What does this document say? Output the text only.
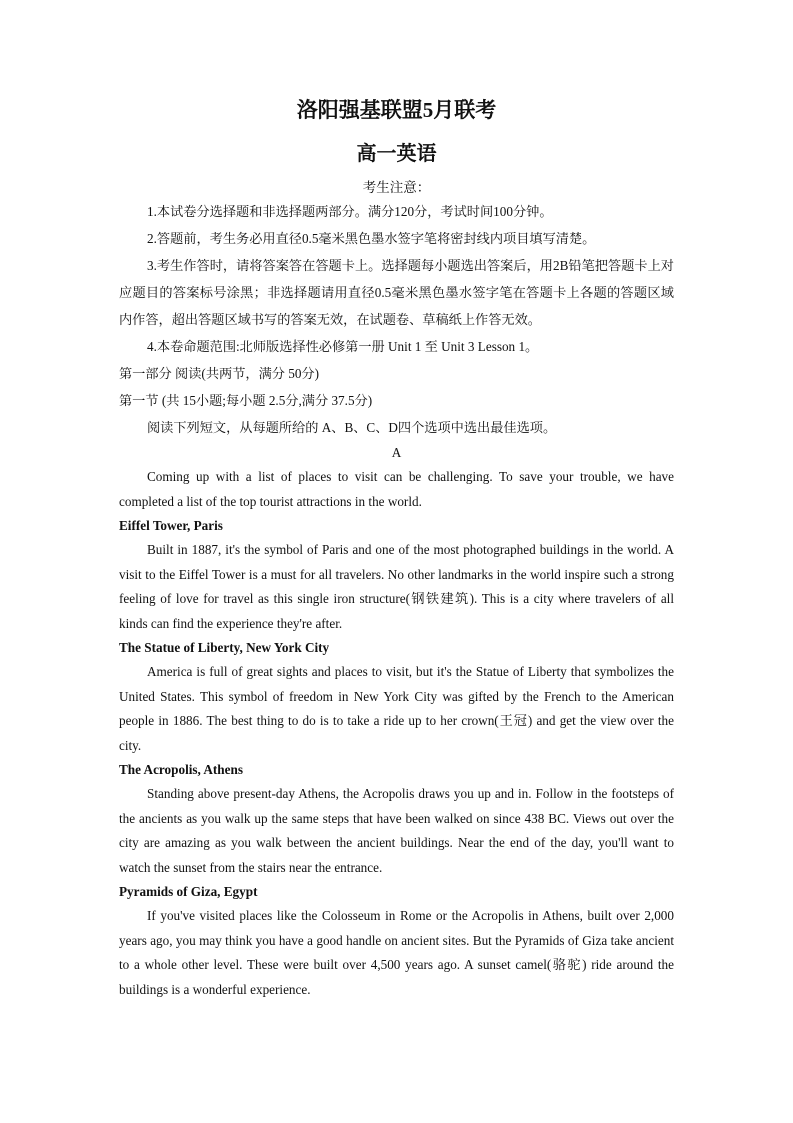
洛阳强基联盟5月联考
高一英语
考生注意：

1.本试卷分选择题和非选择题两部分。满分120分，考试时间100分钟。

2.答题前，考生务必用直径0.5毫米黑色墨水签字笔将密封线内项目填写清楚。

3.考生作答时，请将答案答在答题卡上。选择题每小题选出答案后，用2B铅笔把答题卡上对应题目的答案标号涂黑；非选择题请用直径0.5毫米黑色墨水签字笔在答题卡上各题的答题区域内作答，超出答题区域书写的答案无效，在试题卷、草稿纸上作答无效。

4.本卷命题范围:北师版选择性必修第一册 Unit 1 至 Unit 3 Lesson 1。

第一部分 阅读(共两节，满分 50分)

第一节 (共 15小题;每小题 2.5分,满分 37.5分)

阅读下列短文，从每题所给的 A、B、C、D四个选项中选出最佳选项。

A

Coming up with a list of places to visit can be challenging. To save your trouble, we have completed a list of the top tourist attractions in the world.

Eiffel Tower, Paris

Built in 1887, it's the symbol of Paris and one of the most photographed buildings in the world. A visit to the Eiffel Tower is a must for all travelers. No other landmarks in the world inspire such a strong feeling of love for travel as this single iron structure(钢铁建筑). This is a city where travelers of all kinds can find the experience they're after.

The Statue of Liberty, New York City

America is full of great sights and places to visit, but it's the Statue of Liberty that symbolizes the United States. This symbol of freedom in New York City was gifted by the French to the American people in 1886. The best thing to do is to take a ride up to her crown(王冠) and get the view over the city.

The Acropolis, Athens

Standing above present-day Athens, the Acropolis draws you up and in. Follow in the footsteps of the ancients as you walk up the same steps that have been walked on since 438 BC. Views out over the city are amazing as you walk between the ancient buildings. Near the end of the day, you'll want to watch the sunset from the stairs near the entrance.

Pyramids of Giza, Egypt

If you've visited places like the Colosseum in Rome or the Acropolis in Athens, built over 2,000 years ago, you may think you have a good handle on ancient sites. But the Pyramids of Giza take ancient to a whole other level. These were built over 4,500 years ago. A sunset camel(骆驼) ride around the buildings is a wonderful experience.
